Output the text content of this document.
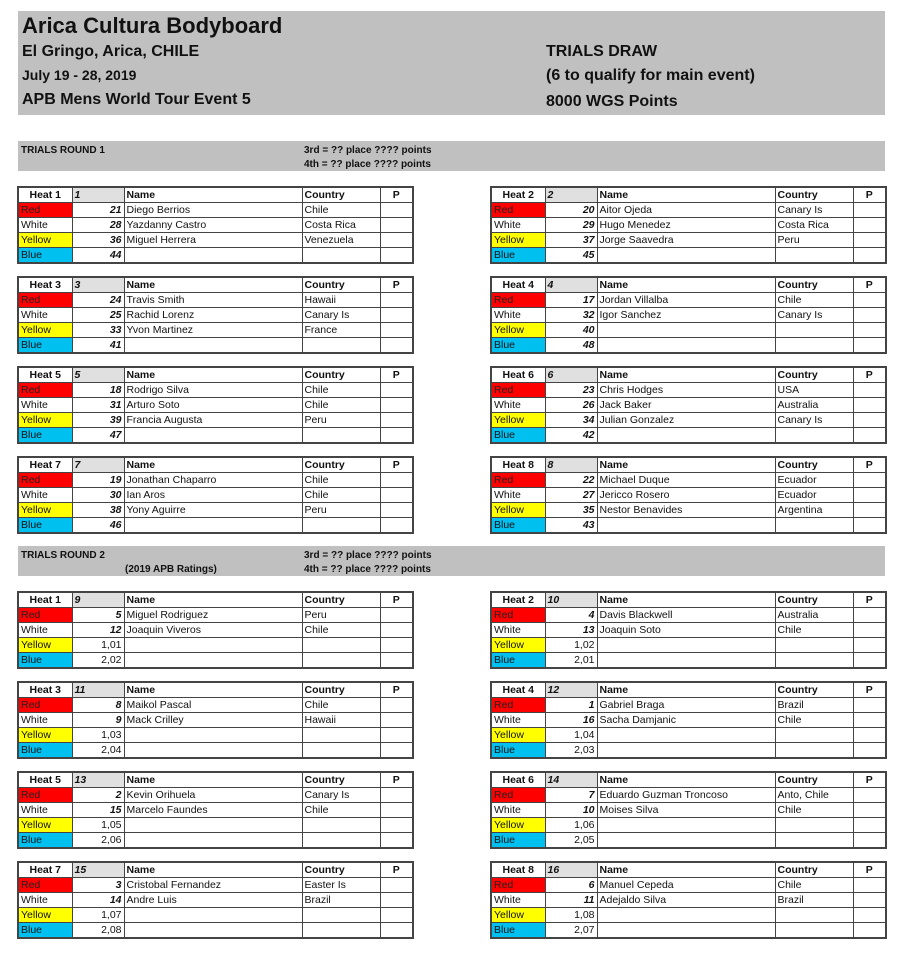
Arica Cultura Bodyboard
El Gringo, Arica, CHILE
July 19 - 28, 2019
APB Mens World Tour Event 5
TRIALS DRAW
(6 to qualify for main event)
8000 WGS Points
TRIALS ROUND 1	3rd = ?? place ???? points
4th = ?? place ???? points
Heat 1	1	Name	Country	P
Red	21	Diego Berrios	Chile	
White	28	Yazdanny Castro	Costa Rica	
Yellow	36	Miguel Herrera	Venezuela	
Blue	44			
Heat 2	2	Name	Country	P
Red	20	Aitor Ojeda	Canary Is	
White	29	Hugo Menedez	Costa Rica	
Yellow	37	Jorge Saavedra	Peru	
Blue	45			
Heat 3	3	Name	Country	P
Red	24	Travis Smith	Hawaii	
White	25	Rachid Lorenz	Canary Is	
Yellow	33	Yvon Martinez	France	
Blue	41			
Heat 4	4	Name	Country	P
Red	17	Jordan Villalba	Chile	
White	32	Igor Sanchez	Canary Is	
Yellow	40			
Blue	48			
Heat 5	5	Name	Country	P
Red	18	Rodrigo Silva	Chile	
White	31	Arturo Soto	Chile	
Yellow	39	Francia Augusta	Peru	
Blue	47			
Heat 6	6	Name	Country	P
Red	23	Chris Hodges	USA	
White	26	Jack Baker	Australia	
Yellow	34	Julian Gonzalez	Canary Is	
Blue	42			
Heat 7	7	Name	Country	P
Red	19	Jonathan Chaparro	Chile	
White	30	Ian Aros	Chile	
Yellow	38	Yony Aguirre	Peru	
Blue	46			
Heat 8	8	Name	Country	P
Red	22	Michael Duque	Ecuador	
White	27	Jericco Rosero	Ecuador	
Yellow	35	Nestor Benavides	Argentina	
Blue	43			
TRIALS ROUND 2
(2019 APB Ratings)
3rd = ?? place ???? points
4th = ?? place ???? points
Heat 1	9	Name	Country	P
Red	5	Miguel Rodriguez	Peru	
White	12	Joaquin Viveros	Chile	
Yellow	1,01			
Blue	2,02			
Heat 2	10	Name	Country	P
Red	4	Davis Blackwell	Australia	
White	13	Joaquin Soto	Chile	
Yellow	1,02			
Blue	2,01			
Heat 3	11	Name	Country	P
Red	8	Maikol Pascal	Chile	
White	9	Mack Crilley	Hawaii	
Yellow	1,03			
Blue	2,04			
Heat 4	12	Name	Country	P
Red	1	Gabriel Braga	Brazil	
White	16	Sacha Damjanic	Chile	
Yellow	1,04			
Blue	2,03			
Heat 5	13	Name	Country	P
Red	2	Kevin Orihuela	Canary Is	
White	15	Marcelo Faundes	Chile	
Yellow	1,05			
Blue	2,06			
Heat 6	14	Name	Country	P
Red	7	Eduardo Guzman Troncoso	Anto, Chile	
White	10	Moises Silva	Chile	
Yellow	1,06			
Blue	2,05			
Heat 7	15	Name	Country	P
Red	3	Cristobal Fernandez	Easter Is	
White	14	Andre Luis	Brazil	
Yellow	1,07			
Blue	2,08			
Heat 8	16	Name	Country	P
Red	6	Manuel Cepeda	Chile	
White	11	Adejaldo Silva	Brazil	
Yellow	1,08			
Blue	2,07			
